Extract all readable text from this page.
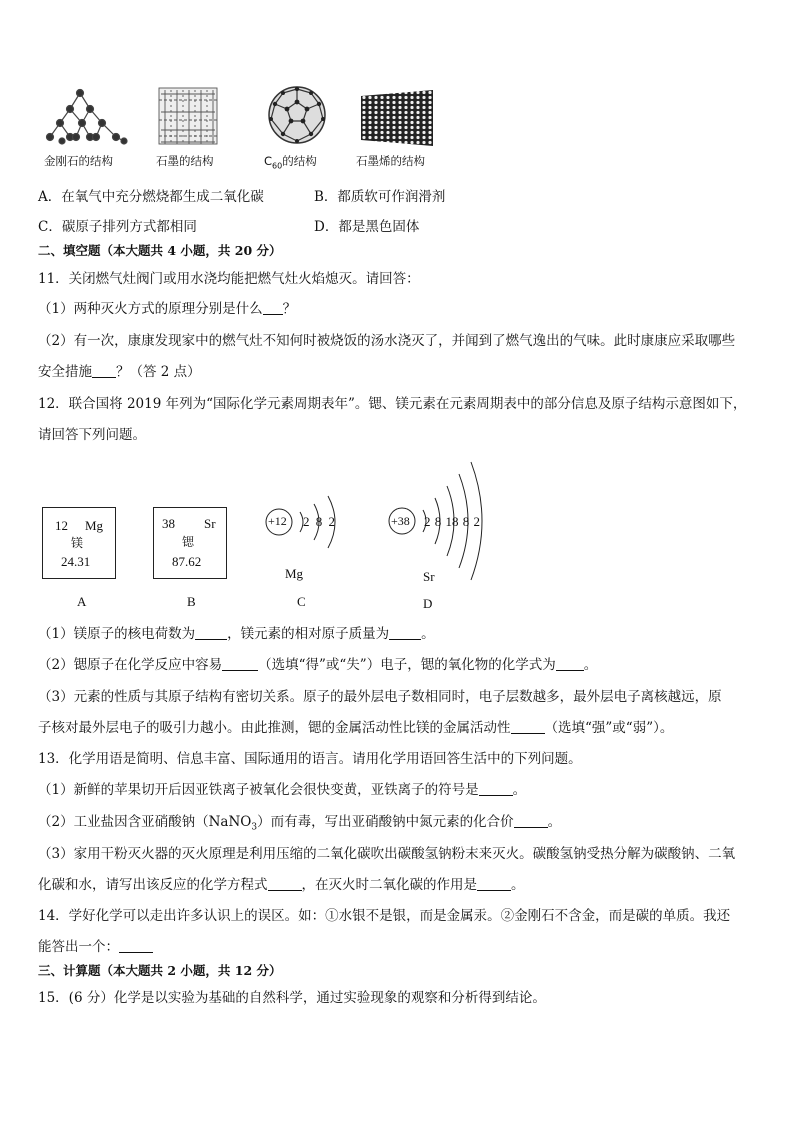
金刚石的结构	石墨的结构	$C_{60}$的结构	石墨烯的结构
A．在氧气中充分燃烧都生成二氧化碳	B．都质软可作润滑剂
C．碳原子排列方式都相同	D．都是黑色固体
二、填空题（本大题共 4 小题，共 20 分）
11．关闭燃气灶阀门或用水浇均能把燃气灶火焰熄灭。请回答：
（1）两种灭火方式的原理分别是什么 ？
（2）有一次，康康发现家中的燃气灶不知何时被烧饭的汤水浇灭了，并闻到了燃气逸出的气味。此时康康应采取哪些
安全措施 ？（答 2 点）
12．联合国将 2019 年列为“国际化学元素周期表年”。锶、镁元素在元素周期表中的部分信息及原子结构示意图如下，
请回答下列问题。
12 Mg
镁
24.31
38 Sr
锶
87.62
+12 2 8 2
Mg
+38 2 8 18 8 2
Sr
A	B	C	D
（1）镁原子的核电荷数为 ，镁元素的相对原子质量为 。
（2）锶原子在化学反应中容易	（选填“得”或“失”）电子，锶的氧化物的化学式为 。
（3）元素的性质与其原子结构有密切关系。原子的最外层电子数相同时，电子层数越多，最外层电子离核越远，原
子核对最外层电子的吸引力越小。由此推测，锶的金属活动性比镁的金属活动性	（选填“强”或“弱”）。
13．化学用语是简明、信息丰富、国际通用的语言。请用化学用语回答生活中的下列问题。
（1）新鲜的苹果切开后因亚铁离子被氧化会很快变黄，亚铁离子的符号是	。
（2）工业盐因含亚硝酸钠（NaNO$_3$）而有毒，写出亚硝酸钠中氮元素的化合价	。
（3）家用干粉灭火器的灭火原理是利用压缩的二氧化碳吹出碳酸氢钠粉末来灭火。碳酸氢钠受热分解为碳酸钠、二氧
化碳和水，请写出该反应的化学方程式	，在灭火时二氧化碳的作用是	。
14．学好化学可以走出许多认识上的误区。如：①水银不是银，而是金属汞。②金刚石不含金，而是碳的单质。我还
能答出一个：
三、计算题（本大题共 2 小题，共 12 分）
15．(6 分）化学是以实验为基础的自然科学，通过实验现象的观察和分析得到结论。
